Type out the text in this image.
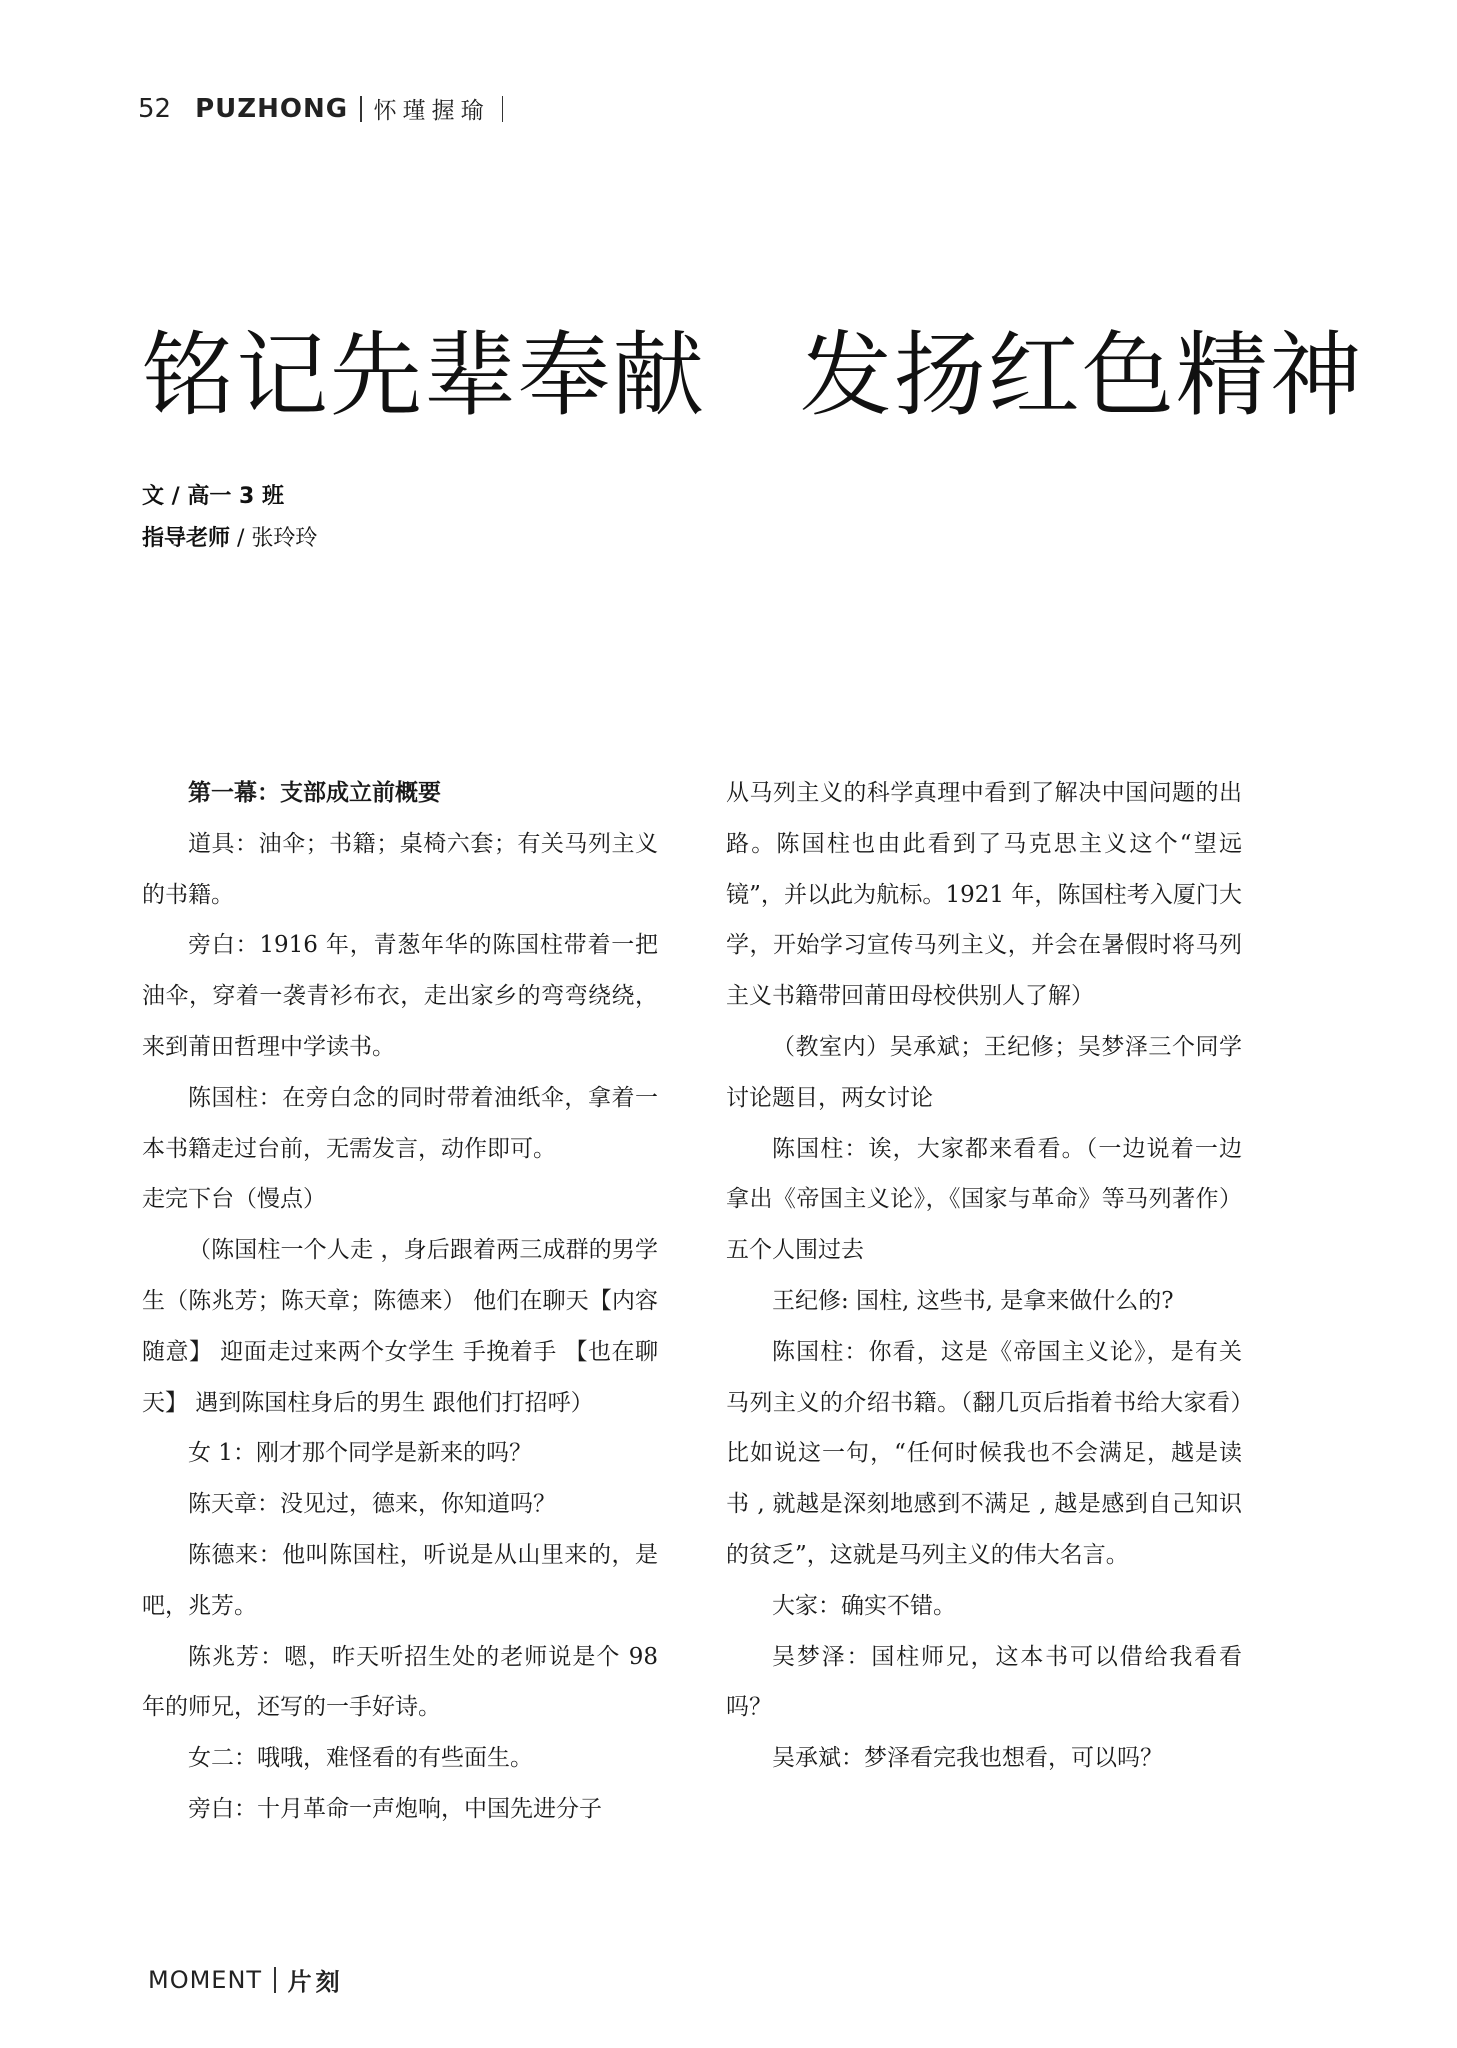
52 PUZHONG 怀瑾握瑜
铭记先辈奉献   发扬红色精神
文 / 高一 3 班
指导老师 / 张玲玲

第一幕：支部成立前概要

道具：油伞；书籍；桌椅六套；有关马列主义的书籍。

旁白：1916 年，青葱年华的陈国柱带着一把油伞，穿着一袭青衫布衣，走出家乡的弯弯绕绕，来到莆田哲理中学读书。

陈国柱：在旁白念的同时带着油纸伞，拿着一本书籍走过台前，无需发言，动作即可。

走完下台（慢点）

（陈国柱一个人走 ，身后跟着两三成群的男学生（陈兆芳；陈天章；陈德来） 他们在聊天【内容随意】 迎面走过来两个女学生 手挽着手 【也在聊天】 遇到陈国柱身后的男生 跟他们打招呼）

女 1：刚才那个同学是新来的吗？

陈天章：没见过，德来，你知道吗？

陈德来：他叫陈国柱，听说是从山里来的，是吧，兆芳。

陈兆芳：嗯，昨天听招生处的老师说是个 98 年的师兄，还写的一手好诗。

女二：哦哦，难怪看的有些面生。

旁白：十月革命一声炮响，中国先进分子

从马列主义的科学真理中看到了解决中国问题的出路。陈国柱也由此看到了马克思主义这个“望远镜”，并以此为航标。1921 年，陈国柱考入厦门大学，开始学习宣传马列主义，并会在暑假时将马列主义书籍带回莆田母校供别人了解）

（教室内）吴承斌；王纪修；吴梦泽三个同学讨论题目，两女讨论

陈国柱：诶，大家都来看看。（一边说着一边拿出《帝国主义论》，《国家与革命》等马列著作） 五个人围过去

王纪修: 国柱, 这些书, 是拿来做什么的?

陈国柱：你看，这是《帝国主义论》，是有关马列主义的介绍书籍。（翻几页后指着书给大家看）比如说这一句，“任何时候我也不会满足，越是读书 , 就越是深刻地感到不满足 , 越是感到自己知识的贫乏”，这就是马列主义的伟大名言。

大家：确实不错。

吴梦泽：国柱师兄，这本书可以借给我看看吗？

吴承斌：梦泽看完我也想看，可以吗？

MOMENT 片刻
